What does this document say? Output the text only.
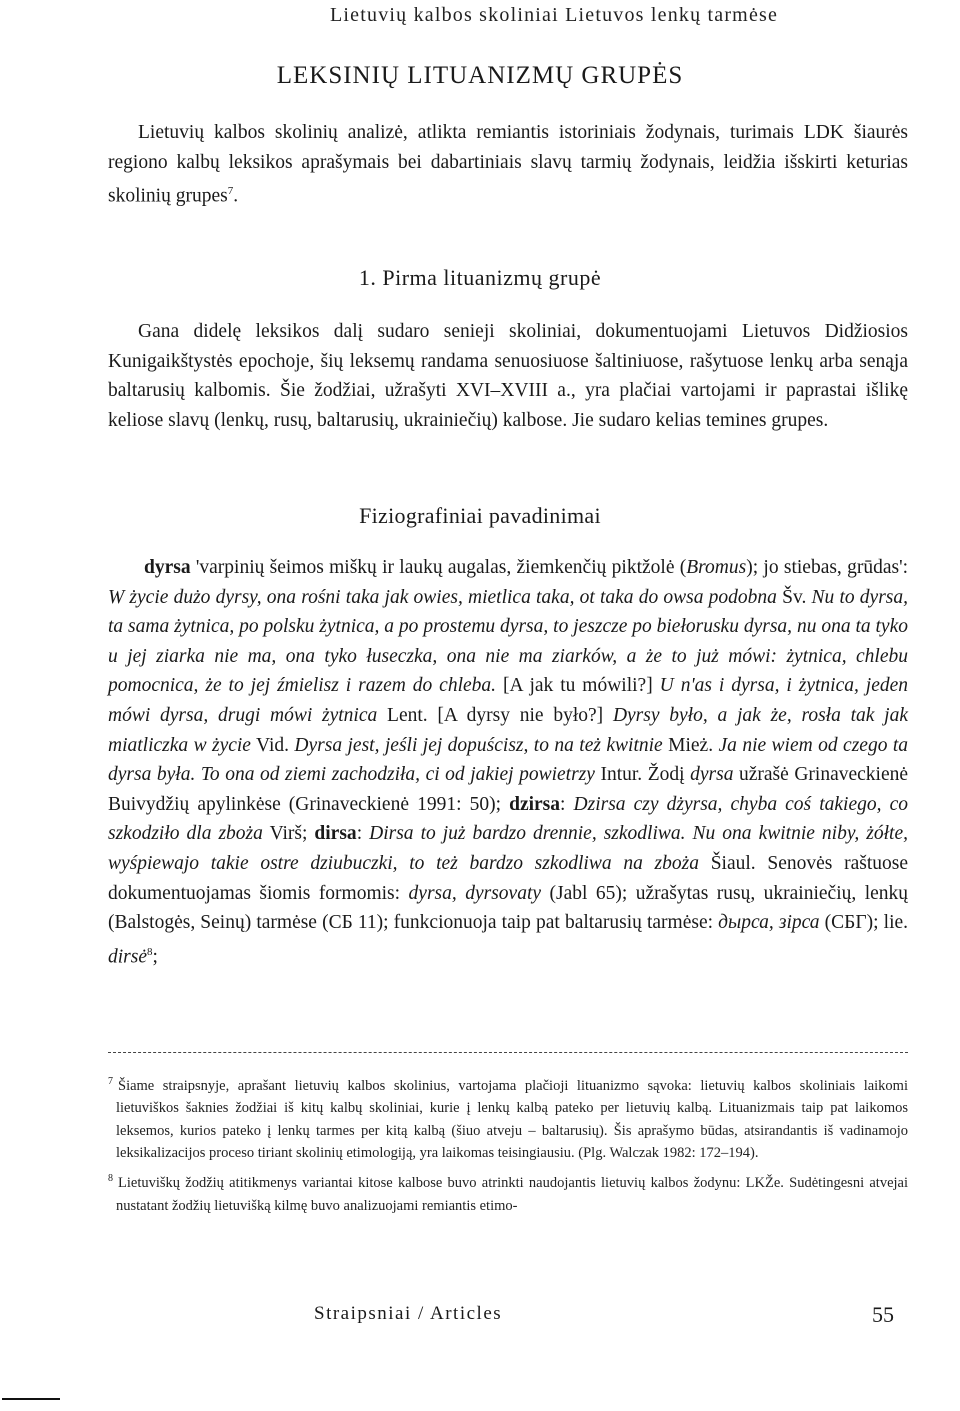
Lietuvių kalbos skoliniai Lietuvos lenkų tarmėse
LEKSINIŲ LITUANIZMŲ GRUPĖS

Lietuvių kalbos skolinių analizė, atlikta remiantis istoriniais žodynais, turimais LDK šiaurės regiono kalbų leksikos aprašymais bei dabartiniais slavų tarmių žodynais, leidžia išskirti keturias skolinių grupes$^7$.

1. Pirma lituanizmų grupė

Gana didelę leksikos dalį sudaro senieji skoliniai, dokumentuojami Lietuvos Didžiosios Kunigaikštystės epochoje, šių leksemų randama senuosiuose šaltiniuose, rašytuose lenkų arba senąja baltarusių kalbomis. Šie žodžiai, užrašyti XVI–XVIII a., yra plačiai vartojami ir paprastai išlikę keliose slavų (lenkų, rusų, baltarusių, ukrainiečių) kalbose. Jie sudaro kelias temines grupes.

Fiziografiniai pavadinimai

dyrsa 'varpinių šeimos miškų ir laukų augalas, žiemkenčių piktžolė (Bromus); jo stiebas, grūdas': W życie dużo dyrsy, ona rośni taka jak owies, mietlica taka, ot taka do owsa podobna Šv. Nu to dyrsa, ta sama żytnica, po polsku żytnica, a po prostemu dyrsa, to jeszcze po biełorusku dyrsa, nu ona ta tyko u jej ziarka nie ma, ona tyko łuseczka, ona nie ma ziarków, a że to już mówi: żytnica, chlebu pomocnica, że to jej źmielisz i razem do chleba. [A jak tu mówili?] U n'as i dyrsa, i żytnica, jeden mówi dyrsa, drugi mówi żytnica Lent. [A dyrsy nie było?] Dyrsy było, a jak że, rosła tak jak miatliczka w życie Vid. Dyrsa jest, jeśli jej dopuścisz, to na też kwitnie Mież. Ja nie wiem od czego ta dyrsa była. To ona od ziemi zachodziła, ci od jakiej powietrzy Intur. Žodį dyrsa užrašė Grinaveckienė Buivydžių apylinkėse (Grinaveckienė 1991: 50); dzirsa: Dzirsa czy dżyrsa, chyba coś takiego, co szkodziło dla zboża Virš; dirsa: Dirsa to już bardzo drennie, szkodliwa. Nu ona kwitnie niby, żółte, wyśpiewajo takie ostre dziubuczki, to też bardzo szkodliwa na zboża Šiaul. Senovės raštuose dokumentuojamas šiomis formomis: dyrsa, dyrsovaty (Jabl 65); užrašytas rusų, ukrainiečių, lenkų (Balstogės, Seinų) tarmėse (СБ 11); funkcionuoja taip pat baltarusių tarmėse: дырса, зірса (СБГ); lie. dirsė$^8$;

$^7$ Šiame straipsnyje, aprašant lietuvių kalbos skolinius, vartojama plačioji lituanizmo sąvoka: lietuvių kalbos skoliniais laikomi lietuviškos šaknies žodžiai iš kitų kalbų skoliniai, kurie į lenkų kalbą pateko per lietuvių kalbą. Lituanizmais taip pat laikomos leksemos, kurios pateko į lenkų tarmes per kitą kalbą (šiuo atveju – baltarusių). Šis aprašymo būdas, atsirandantis iš vadinamojo leksikalizacijos proceso tiriant skolinių etimologiją, yra laikomas teisingiausiu. (Plg. Walczak 1982: 172–194).

$^8$ Lietuviškų žodžių atitikmenys variantai kitose kalbose buvo atrinkti naudojantis lietuvių kalbos žodynu: LKŽe. Sudėtingesni atvejai nustatant žodžių lietuvišką kilmę buvo analizuojami remiantis etimo-

Straipsniai / Articles	55
